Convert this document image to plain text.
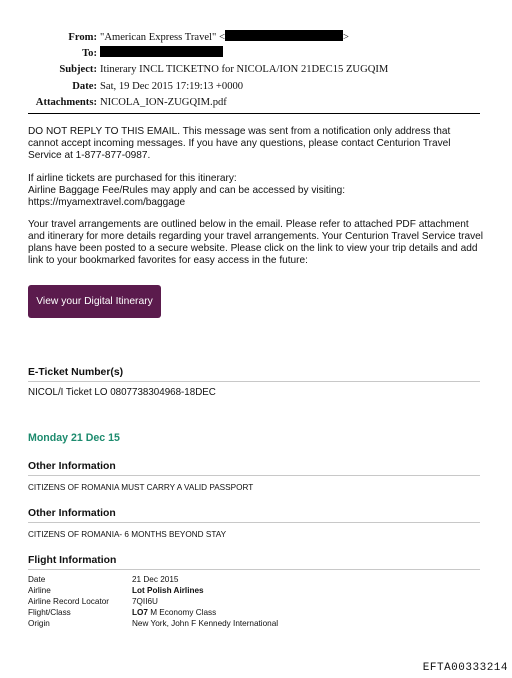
From: "American Express Travel" <	>
To:
Subject: Itinerary INCL TICKETNO for NICOLA/ION 21DEC15 ZUGQIM
Date: Sat, 19 Dec 2015 17:19:13 +0000
Attachments: NICOLA_ION-ZUGQIM.pdf
DO NOT REPLY TO THIS EMAIL. This message was sent from a notification only address that
cannot accept incoming messages. If you have any questions, please contact Centurion Travel
Service at 1-877-877-0987.
If airline tickets are purchased for this itinerary:
Airline Baggage Fee/Rules may apply and can be accessed by visiting:
https://myamextravel.com/baggage
Your travel arrangements are outlined below in the email. Please refer to attached PDF attachment
and itinerary for more details regarding your travel arrangements. Your Centurion Travel Service travel
plans have been posted to a secure website. Please click on the link to view your trip details and add
link to your bookmarked favorites for easy access in the future:
View your Digital Itinerary
E-Ticket Number(s)
NICOL/I Ticket LO 0807738304968-18DEC
Monday 21 Dec 15
Other Information
CITIZENS OF ROMANIA MUST CARRY A VALID PASSPORT
Other Information
CITIZENS OF ROMANIA- 6 MONTHS BEYOND STAY
Flight Information
Date	21 Dec 2015
Airline	Lot Polish Airlines
Airline Record Locator	7QII6U
Flight/Class	LO7 M Economy Class
Origin	New York, John F Kennedy International
EFTA00333214
